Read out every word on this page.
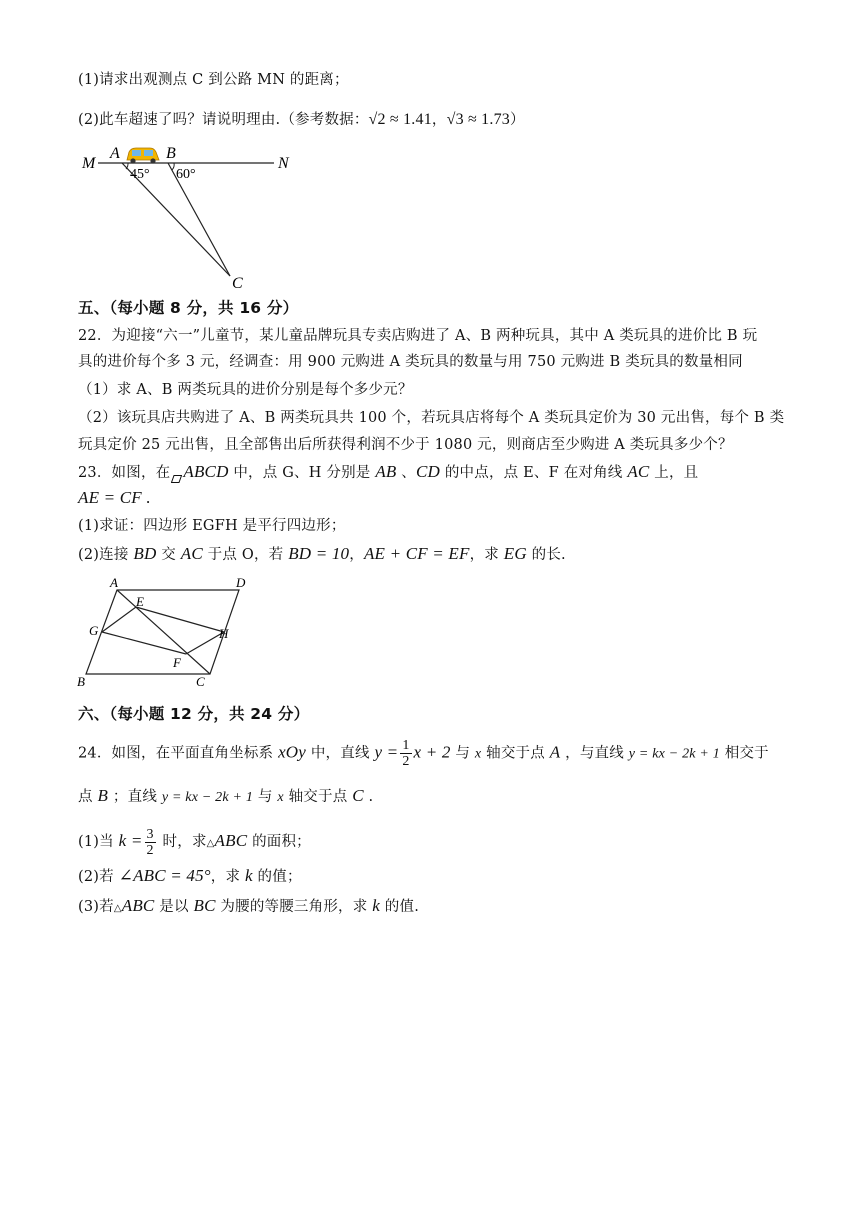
(1)请求出观测点 C 到公路 MN 的距离；
(2)此车超速了吗？请说明理由.（参考数据：√2 ≈ 1.41，√3 ≈ 1.73）
M
A	B
N
C
45° 60°
五、（每小题 8 分，共 16 分）
22．为迎接“六一”儿童节，某儿童品牌玩具专卖店购进了 A、B 两种玩具，其中 A 类玩具的进价比 B 玩
具的进价每个多 3 元，经调查：用 900 元购进 A 类玩具的数量与用 750 元购进 B 类玩具的数量相同
（1）求 A、B 两类玩具的进价分别是每个多少元？
（2）该玩具店共购进了 A、B 两类玩具共 100 个，若玩具店将每个 A 类玩具定价为 30 元出售，每个 B 类
玩具定价 25 元出售，且全部售出后所获得利润不少于 1080 元，则商店至少购进 A 类玩具多少个？
23．如图，在 ABCD 中，点 G、H 分别是 AB 、CD 的中点，点 E、F 在对角线 AC 上，且
AE = CF .
(1)求证：四边形 EGFH 是平行四边形；
(2)连接 BD 交 AC 于点 O，若 BD = 10，AE + CF = EF，求 EG 的长.
A	D
E
G	H
F
B	C
六、（每小题 12 分，共 24 分）
24．如图，在平面直角坐标系 xOy 中，直线 $y = \frac{1}{2}$ x + 2 与 x 轴交于点 A ，与直线 y = kx − 2k + 1 相交于
点 B ；直线 y = kx − 2k + 1 与 x 轴交于点 C .
(1)当 $k = \frac{3}{2}$ 时，求△ABC 的面积；
(2)若 ∠ABC = 45°，求 k 的值；
(3)若△ABC 是以 BC 为腰的等腰三角形，求 k 的值.
